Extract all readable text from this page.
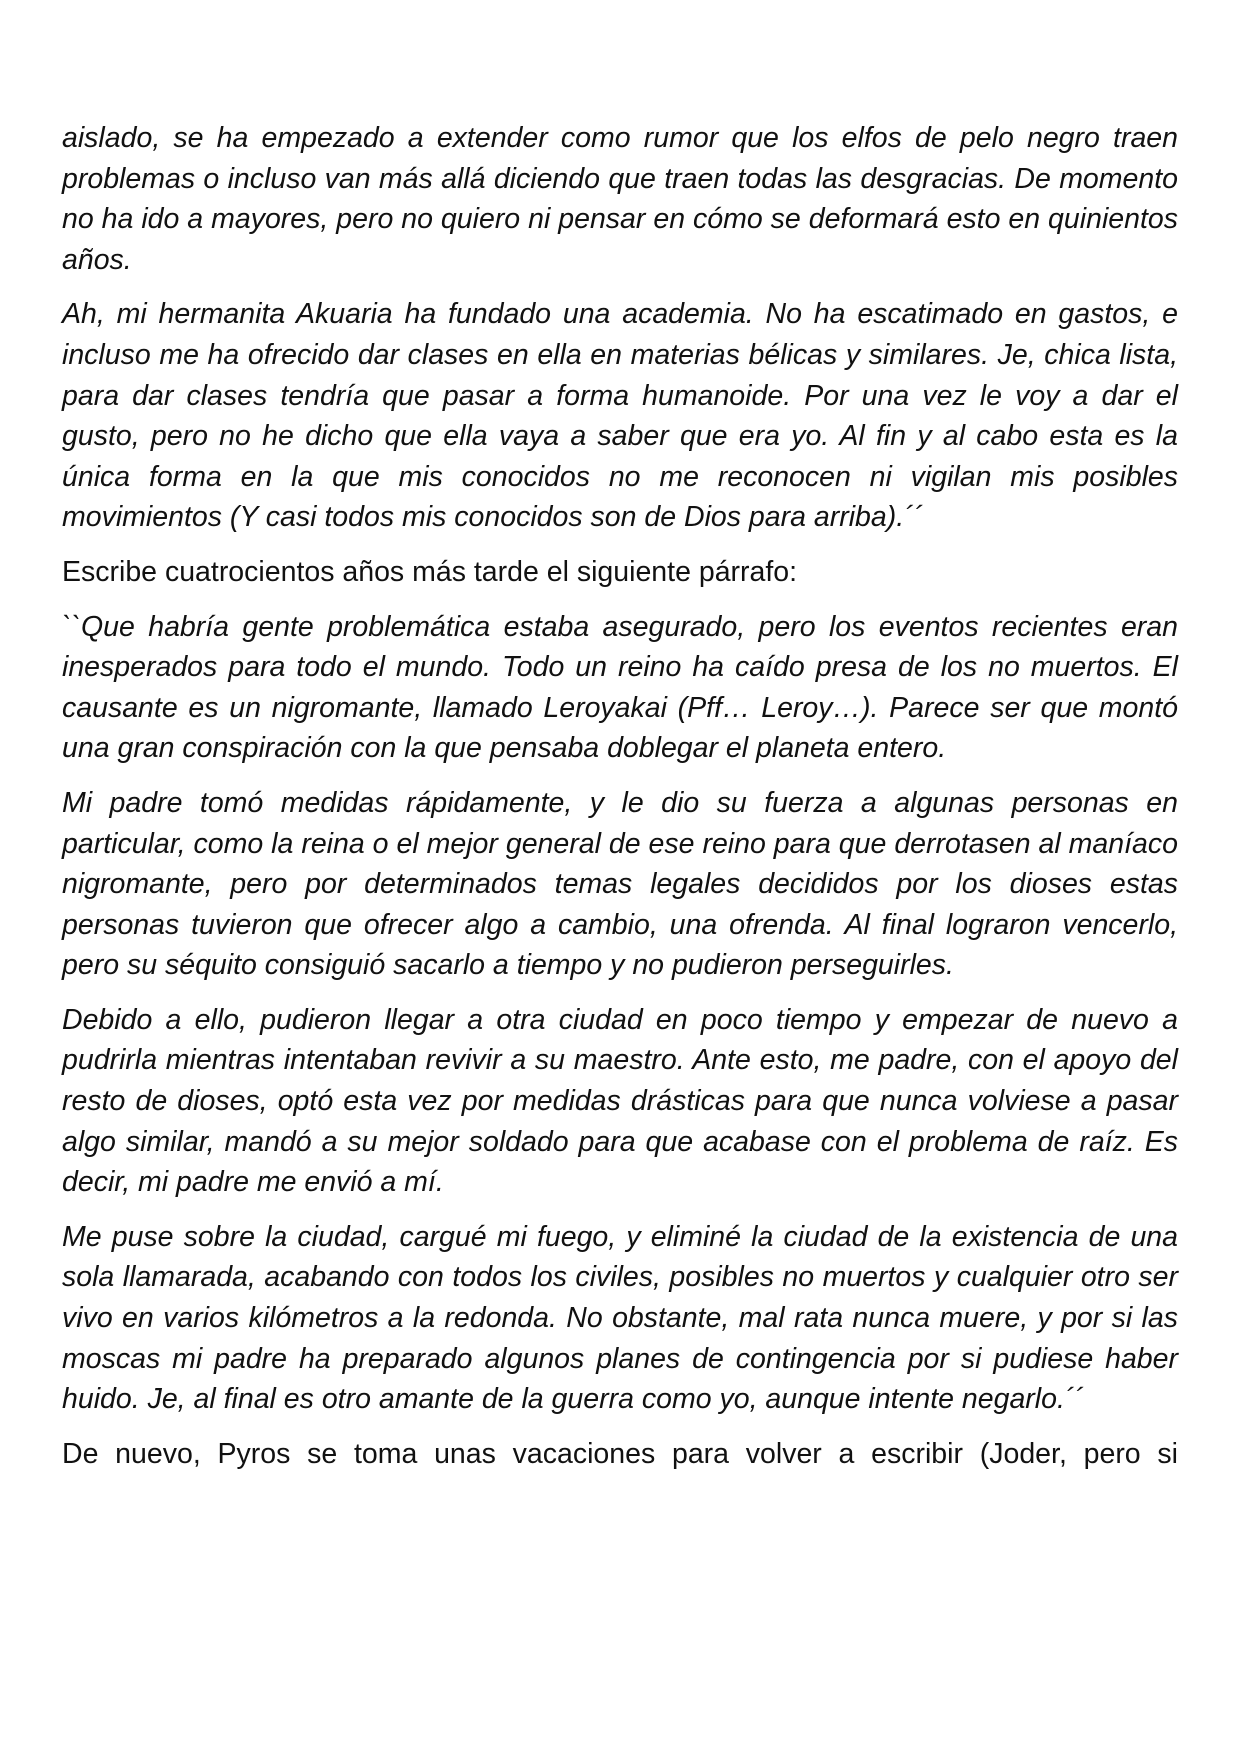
aislado, se ha empezado a extender como rumor que los elfos de pelo negro traen problemas o incluso van más allá diciendo que traen todas las desgracias. De momento no ha ido a mayores, pero no quiero ni pensar en cómo se deformará esto en quinientos años.

Ah, mi hermanita Akuaria ha fundado una academia. No ha escatimado en gastos, e incluso me ha ofrecido dar clases en ella en materias bélicas y similares. Je, chica lista, para dar clases tendría que pasar a forma humanoide. Por una vez le voy a dar el gusto, pero no he dicho que ella vaya a saber que era yo. Al fin y al cabo esta es la única forma en la que mis conocidos no me reconocen ni vigilan mis posibles movimientos (Y casi todos mis conocidos son de Dios para arriba).´´

Escribe cuatrocientos años más tarde el siguiente párrafo:

``Que habría gente problemática estaba asegurado, pero los eventos recientes eran inesperados para todo el mundo. Todo un reino ha caído presa de los no muertos. El causante es un nigromante, llamado Leroyakai (Pff… Leroy…). Parece ser que montó una gran conspiración con la que pensaba doblegar el planeta entero.

Mi padre tomó medidas rápidamente, y le dio su fuerza a algunas personas en particular, como la reina o el mejor general de ese reino para que derrotasen al maníaco nigromante, pero por determinados temas legales decididos por los dioses estas personas tuvieron que ofrecer algo a cambio, una ofrenda. Al final lograron vencerlo, pero su séquito consiguió sacarlo a tiempo y no pudieron perseguirles.

Debido a ello, pudieron llegar a otra ciudad en poco tiempo y empezar de nuevo a pudrirla mientras intentaban revivir a su maestro. Ante esto, me padre, con el apoyo del resto de dioses, optó esta vez por medidas drásticas para que nunca volviese a pasar algo similar, mandó a su mejor soldado para que acabase con el problema de raíz. Es decir, mi padre me envió a mí.

Me puse sobre la ciudad, cargué mi fuego, y eliminé la ciudad de la existencia de una sola llamarada, acabando con todos los civiles, posibles no muertos y cualquier otro ser vivo en varios kilómetros a la redonda. No obstante, mal rata nunca muere, y por si las moscas mi padre ha preparado algunos planes de contingencia por si pudiese haber huido. Je, al final es otro amante de la guerra como yo, aunque intente negarlo.´´

De nuevo, Pyros se toma unas vacaciones para volver a escribir (Joder, pero si
